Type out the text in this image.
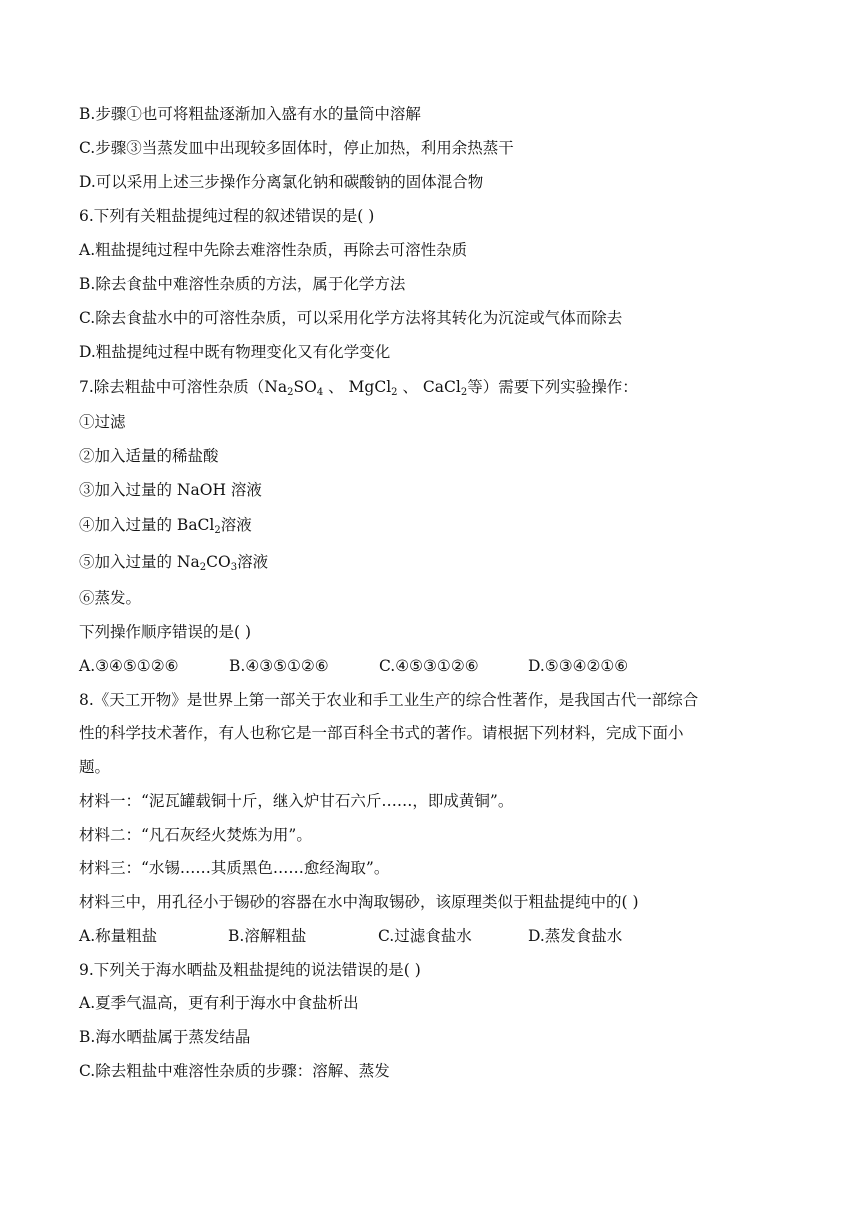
B.步骤①也可将粗盐逐渐加入盛有水的量筒中溶解
C.步骤③当蒸发皿中出现较多固体时，停止加热，利用余热蒸干
D.可以采用上述三步操作分离氯化钠和碳酸钠的固体混合物
6.下列有关粗盐提纯过程的叙述错误的是( )
A.粗盐提纯过程中先除去难溶性杂质，再除去可溶性杂质
B.除去食盐中难溶性杂质的方法，属于化学方法
C.除去食盐水中的可溶性杂质，可以采用化学方法将其转化为沉淀或气体而除去
D.粗盐提纯过程中既有物理变化又有化学变化
7.除去粗盐中可溶性杂质（$Na_2SO_4$ 、 MgCl$_2$ 、 CaCl$_2$等）需要下列实验操作：
①过滤
②加入适量的稀盐酸
③加入过量的 NaOH 溶液
④加入过量的 BaCl$_2$溶液
⑤加入过量的 $Na_2CO_3$溶液
⑥蒸发。
下列操作顺序错误的是( )
A.③④⑤①②⑥	B.④③⑤①②⑥	C.④⑤③①②⑥	D.⑤③④②①⑥
8.《天工开物》是世界上第一部关于农业和手工业生产的综合性著作，是我国古代一部综合
性的科学技术著作，有人也称它是一部百科全书式的著作。请根据下列材料，完成下面小
题。
材料一：“泥瓦罐载铜十斤，继入炉甘石六斤……，即成黄铜”。
材料二：“凡石灰经火焚炼为用”。
材料三：“水锡……其质黑色……愈经淘取”。
材料三中，用孔径小于锡砂的容器在水中淘取锡砂，该原理类似于粗盐提纯中的( )
A.称量粗盐	B.溶解粗盐	C.过滤食盐水	D.蒸发食盐水
9.下列关于海水晒盐及粗盐提纯的说法错误的是( )
A.夏季气温高，更有利于海水中食盐析出
B.海水晒盐属于蒸发结晶
C.除去粗盐中难溶性杂质的步骤：溶解、蒸发
